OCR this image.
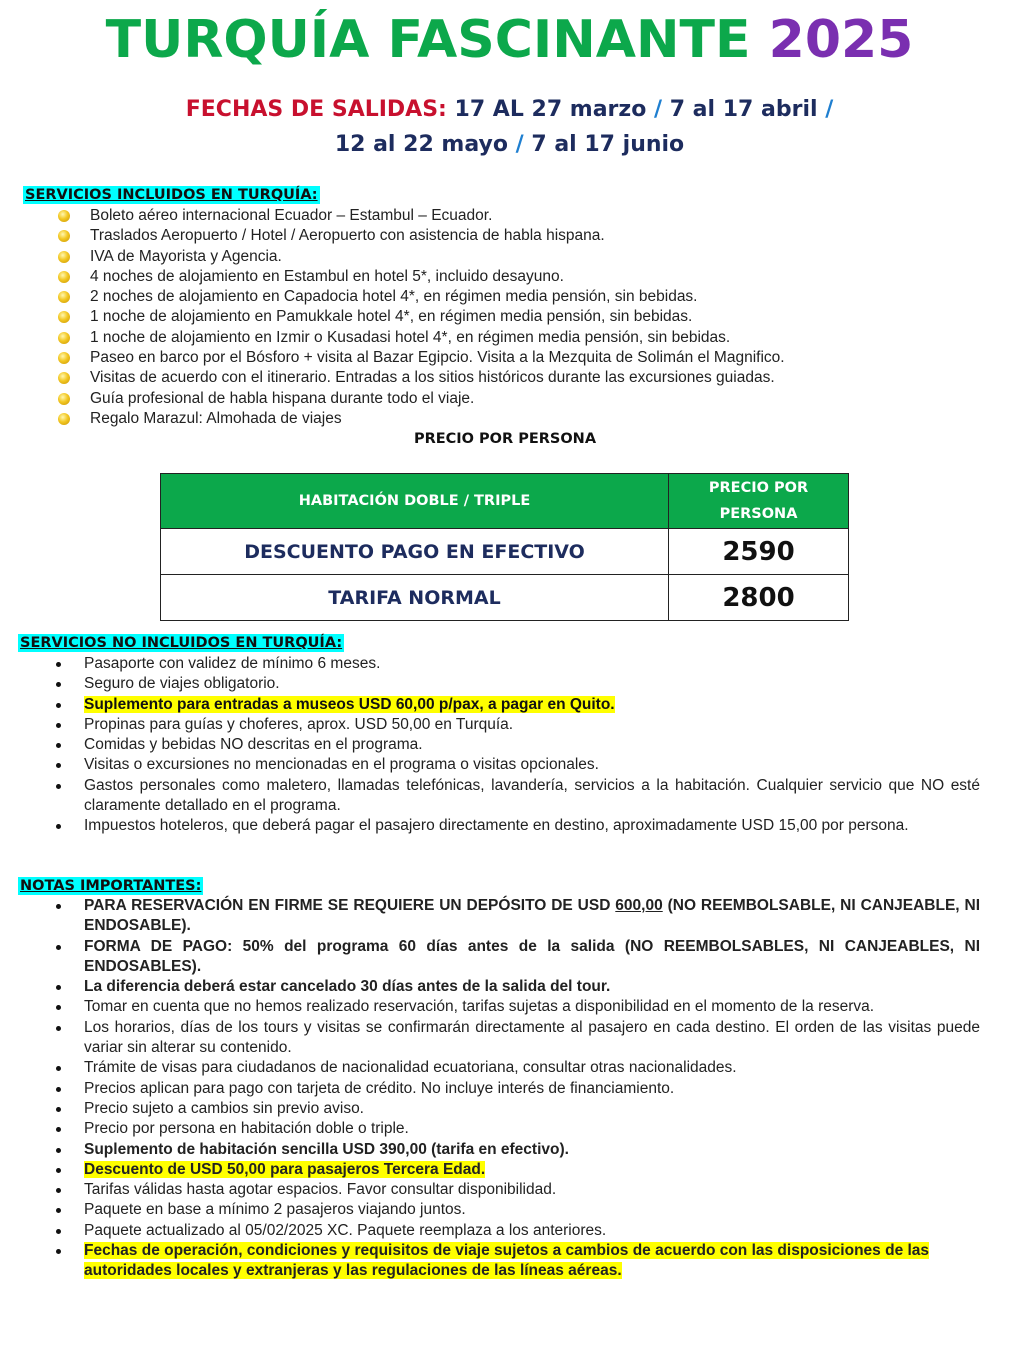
TURQUÍA FASCINANTE 2025
FECHAS DE SALIDAS: 17 AL 27 marzo / 7 al 17 abril /
12 al 22 mayo / 7 al 17 junio
SERVICIOS INCLUIDOS EN TURQUÍA:
Boleto aéreo internacional Ecuador – Estambul – Ecuador.
Traslados Aeropuerto / Hotel / Aeropuerto con asistencia de habla hispana.
IVA de Mayorista y Agencia.
4 noches de alojamiento en Estambul en hotel 5*, incluido desayuno.
2 noches de alojamiento en Capadocia hotel 4*, en régimen media pensión, sin bebidas.
1 noche de alojamiento en Pamukkale hotel 4*, en régimen media pensión, sin bebidas.
1 noche de alojamiento en Izmir o Kusadasi hotel 4*, en régimen media pensión, sin bebidas.
Paseo en barco por el Bósforo + visita al Bazar Egipcio. Visita a la Mezquita de Solimán el Magnifico.
Visitas de acuerdo con el itinerario. Entradas a los sitios históricos durante las excursiones guiadas.
Guía profesional de habla hispana durante todo el viaje.
Regalo Marazul: Almohada de viajes
PRECIO POR PERSONA
HABITACIÓN DOBLE / TRIPLE	PRECIO POR
PERSONA

DESCUENTO PAGO EN EFECTIVO	2590
TARIFA NORMAL	2800
SERVICIOS NO INCLUIDOS EN TURQUÍA:
Pasaporte con validez de mínimo 6 meses.
Seguro de viajes obligatorio.
Suplemento para entradas a museos USD 60,00 p/pax, a pagar en Quito.
Propinas para guías y choferes, aprox. USD 50,00 en Turquía.
Comidas y bebidas NO descritas en el programa.
Visitas o excursiones no mencionadas en el programa o visitas opcionales.
Gastos personales como maletero, llamadas telefónicas, lavandería, servicios a la habitación. Cualquier servicio que NO esté claramente detallado en el programa.
Impuestos hoteleros, que deberá pagar el pasajero directamente en destino, aproximadamente USD 15,00 por persona.
NOTAS IMPORTANTES:
PARA RESERVACIÓN EN FIRME SE REQUIERE UN DEPÓSITO DE USD 600,00 (NO REEMBOLSABLE, NI CANJEABLE, NI ENDOSABLE).
FORMA DE PAGO: 50% del programa 60 días antes de la salida (NO REEMBOLSABLES, NI CANJEABLES, NI ENDOSABLES).
La diferencia deberá estar cancelado 30 días antes de la salida del tour.
Tomar en cuenta que no hemos realizado reservación, tarifas sujetas a disponibilidad en el momento de la reserva.
Los horarios, días de los tours y visitas se confirmarán directamente al pasajero en cada destino. El orden de las visitas puede variar sin alterar su contenido.
Trámite de visas para ciudadanos de nacionalidad ecuatoriana, consultar otras nacionalidades.
Precios aplican para pago con tarjeta de crédito. No incluye interés de financiamiento.
Precio sujeto a cambios sin previo aviso.
Precio por persona en habitación doble o triple.
Suplemento de habitación sencilla USD 390,00 (tarifa en efectivo).
Descuento de USD 50,00 para pasajeros Tercera Edad.
Tarifas válidas hasta agotar espacios. Favor consultar disponibilidad.
Paquete en base a mínimo 2 pasajeros viajando juntos.
Paquete actualizado al 05/02/2025 XC. Paquete reemplaza a los anteriores.
Fechas de operación, condiciones y requisitos de viaje sujetos a cambios de acuerdo con las disposiciones de las autoridades locales y extranjeras y las regulaciones de las líneas aéreas.
